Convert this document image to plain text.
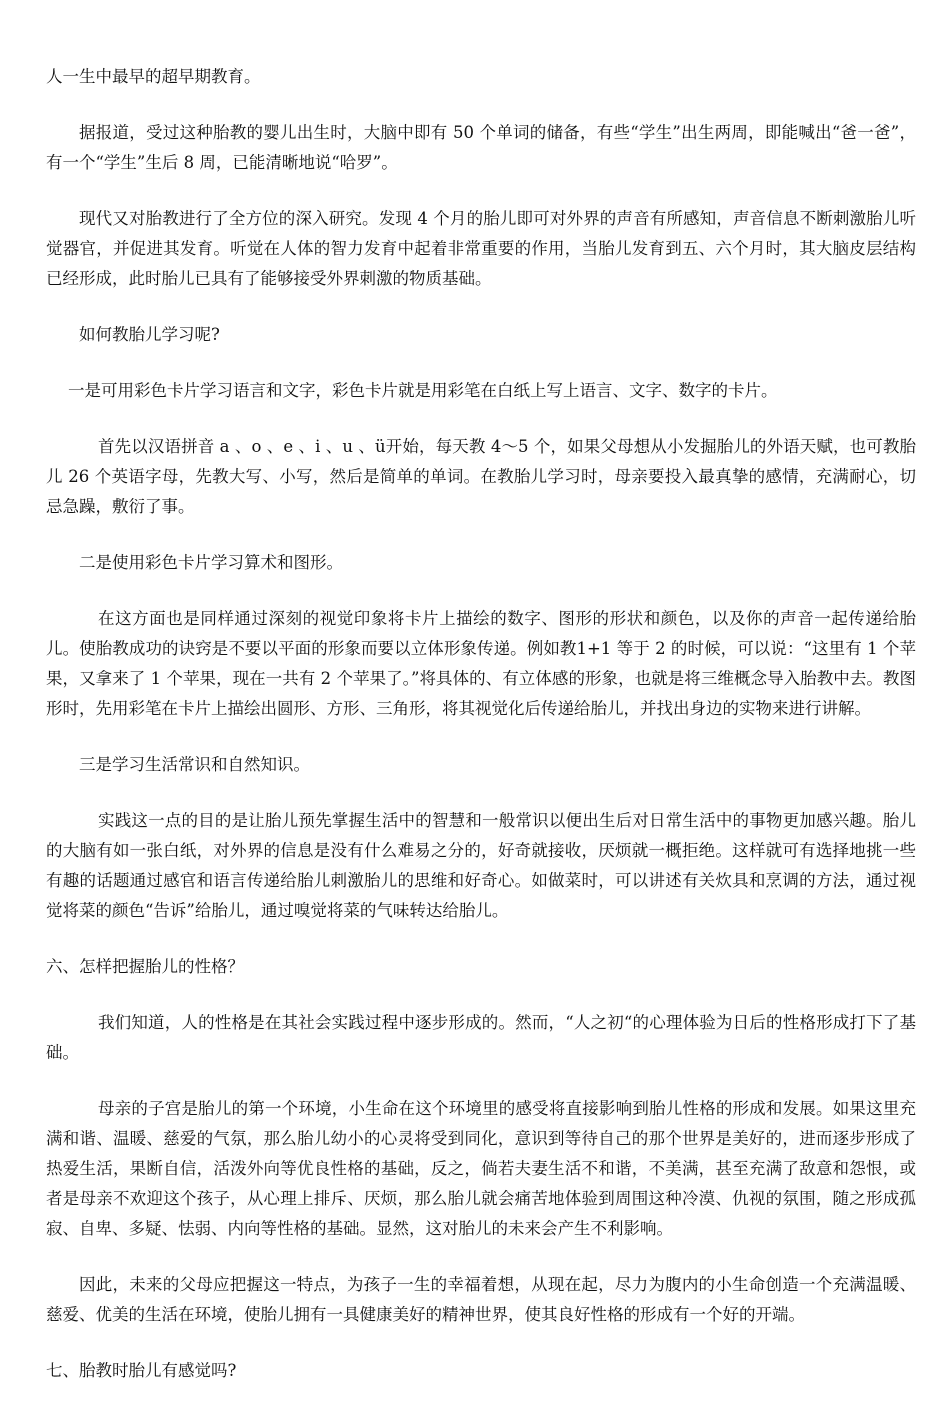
人一生中最早的超早期教育。

据报道，受过这种胎教的婴儿出生时，大脑中即有 50 个单词的储备，有些“学生”出生两周，即能喊出“爸一爸”，有一个“学生”生后 8 周，已能清晰地说“哈罗”。

现代又对胎教进行了全方位的深入研究。发现 4 个月的胎儿即可对外界的声音有所感知，声音信息不断刺激胎儿听觉器官，并促进其发育。听觉在人体的智力发育中起着非常重要的作用，当胎儿发育到五、六个月时，其大脑皮层结构已经形成，此时胎儿已具有了能够接受外界刺激的物质基础。

如何教胎儿学习呢?

一是可用彩色卡片学习语言和文字，彩色卡片就是用彩笔在白纸上写上语言、文字、数字的卡片。

首先以汉语拼音 a 、o 、e 、i 、u 、ü开始，每天教 4～5 个，如果父母想从小发掘胎儿的外语天赋，也可教胎儿 26 个英语字母，先教大写、小写，然后是简单的单词。在教胎儿学习时，母亲要投入最真挚的感情，充满耐心，切忌急躁，敷衍了事。

二是使用彩色卡片学习算术和图形。

在这方面也是同样通过深刻的视觉印象将卡片上描绘的数字、图形的形状和颜色，以及你的声音一起传递给胎儿。使胎教成功的诀窍是不要以平面的形象而要以立体形象传递。例如教1+1 等于 2 的时候，可以说：“这里有 1 个苹果，又拿来了 1 个苹果，现在一共有 2 个苹果了。”将具体的、有立体感的形象，也就是将三维概念导入胎教中去。教图形时，先用彩笔在卡片上描绘出圆形、方形、三角形，将其视觉化后传递给胎儿，并找出身边的实物来进行讲解。

三是学习生活常识和自然知识。

实践这一点的目的是让胎儿预先掌握生活中的智慧和一般常识以便出生后对日常生活中的事物更加感兴趣。胎儿的大脑有如一张白纸，对外界的信息是没有什么难易之分的，好奇就接收，厌烦就一概拒绝。这样就可有选择地挑一些有趣的话题通过感官和语言传递给胎儿刺激胎儿的思维和好奇心。如做菜时，可以讲述有关炊具和烹调的方法，通过视觉将菜的颜色“告诉”给胎儿，通过嗅觉将菜的气味转达给胎儿。

六、怎样把握胎儿的性格？

我们知道，人的性格是在其社会实践过程中逐步形成的。然而，“人之初“的心理体验为日后的性格形成打下了基础。

母亲的子宫是胎儿的第一个环境，小生命在这个环境里的感受将直接影响到胎儿性格的形成和发展。如果这里充满和谐、温暖、慈爱的气氛，那么胎儿幼小的心灵将受到同化，意识到等待自己的那个世界是美好的，进而逐步形成了热爱生活，果断自信，活泼外向等优良性格的基础，反之，倘若夫妻生活不和谐，不美满，甚至充满了敌意和怨恨，或者是母亲不欢迎这个孩子，从心理上排斥、厌烦，那么胎儿就会痛苦地体验到周围这种冷漠、仇视的氛围，随之形成孤寂、自卑、多疑、怯弱、内向等性格的基础。显然，这对胎儿的未来会产生不利影响。

因此，未来的父母应把握这一特点，为孩子一生的幸福着想，从现在起，尽力为腹内的小生命创造一个充满温暖、慈爱、优美的生活在环境，使胎儿拥有一具健康美好的精神世界，使其良好性格的形成有一个好的开端。

七、胎教时胎儿有感觉吗?
